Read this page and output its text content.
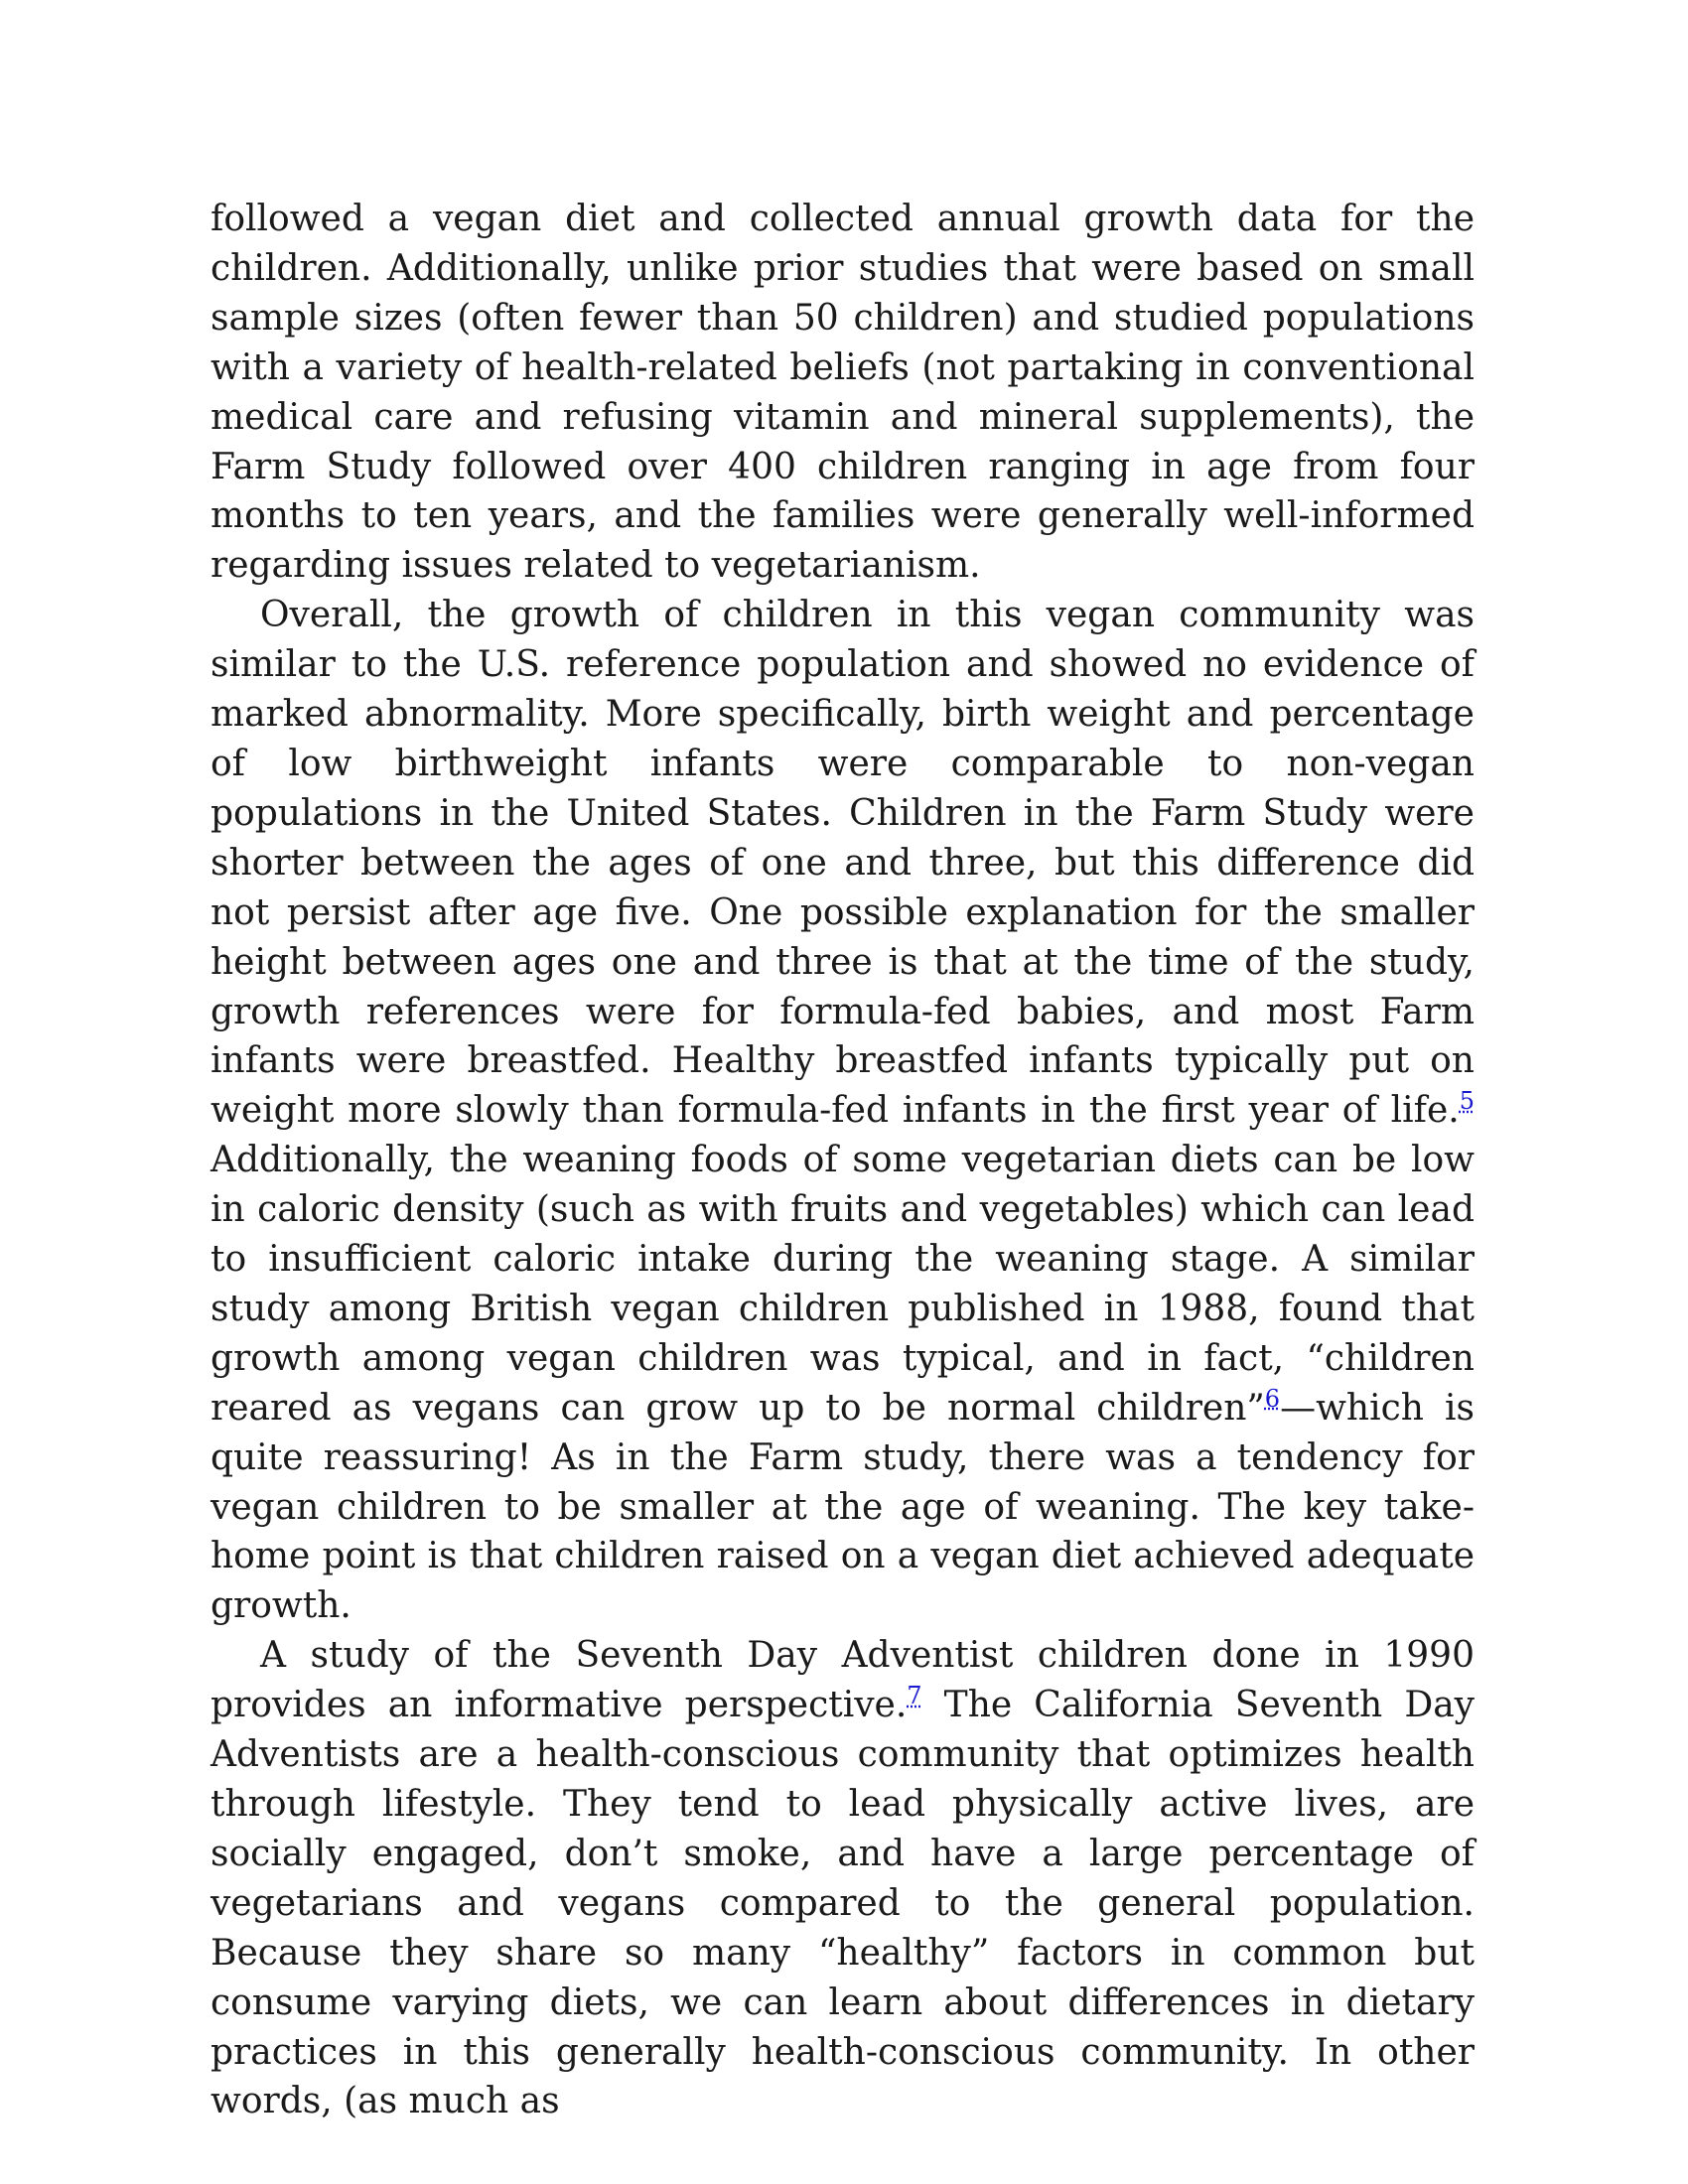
followed a vegan diet and collected annual growth data for the children. Additionally, unlike prior studies that were based on small sample sizes (often fewer than 50 children) and studied populations with a variety of health-related beliefs (not partaking in conventional medical care and refusing vitamin and mineral supplements), the Farm Study followed over 400 children ranging in age from four months to ten years, and the families were generally well-informed regarding issues related to vegetarianism.

Overall, the growth of children in this vegan community was similar to the U.S. reference population and showed no evidence of marked abnormality. More specifically, birth weight and percentage of low birthweight infants were comparable to non-vegan populations in the United States. Children in the Farm Study were shorter between the ages of one and three, but this difference did not persist after age five. One possible explanation for the smaller height between ages one and three is that at the time of the study, growth references were for formula-fed babies, and most Farm infants were breastfed. Healthy breastfed infants typically put on weight more slowly than formula-fed infants in the first year of life.$^5$ Additionally, the weaning foods of some vegetarian diets can be low in caloric density (such as with fruits and vegetables) which can lead to insufficient caloric intake during the weaning stage. A similar study among British vegan children published in 1988, found that growth among vegan children was typical, and in fact, “children reared as vegans can grow up to be normal children”$^6$—which is quite reassuring! As in the Farm study, there was a tendency for vegan children to be smaller at the age of weaning. The key take-home point is that children raised on a vegan diet achieved adequate growth.

A study of the Seventh Day Adventist children done in 1990 provides an informative perspective.$^7$ The California Seventh Day Adventists are a health-conscious community that optimizes health through lifestyle. They tend to lead physically active lives, are socially engaged, don’t smoke, and have a large percentage of vegetarians and vegans compared to the general population. Because they share so many “healthy” factors in common but consume varying diets, we can learn about differences in dietary practices in this generally health-conscious community. In other words, (as much as
